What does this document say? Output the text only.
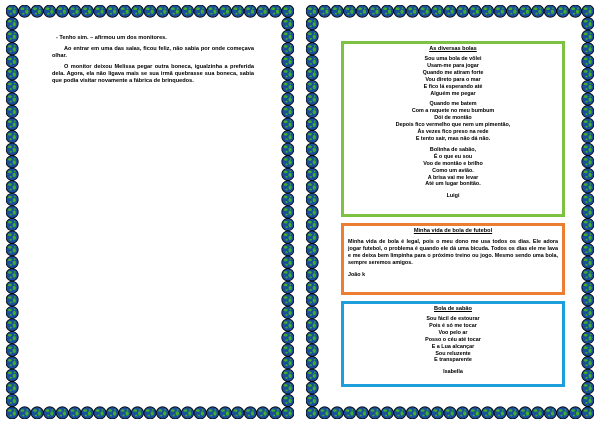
- Tenho sim. – afirmou um dos monitores.

Ao entrar em uma das salas, ficou feliz, não sabia por onde começava olhar.

O monitor deixou Melissa pegar outra boneca, igualzinha a preferida dela. Agora, ela não ligava mais se sua irmã quebrasse sua boneca, sabia que podia visitar novamente a fábrica de brinquedos.

As diversas bolas
Sou uma bola de vôlei
Usam-me para jogar
Quando me atiram forte
Vou direto para o mar
E fico lá esperando até
Alguém me pegar
Quando me batem
Com a raquete no meu bumbum
Dói de montão
Depois fico vermelho que nem um pimentão,
Às vezes fico preso na rede
E tento sair, mas não dá não.
Bolinha de sabão,
É o que eu sou
Voo de montão e brilho
Como um avião.
A brisa vai me levar
Até um lugar bonitão.
Luigi
Minha vida de bola de futebol
Minha vida de bola é legal, pois o meu dono me usa todos os dias. Ele adora jogar futebol, o problema é quando ele dá uma bicuda. Todos os dias ele me lava e me deixa bem limpinha para o próximo treino ou jogo. Mesmo sendo uma bola, sempre seremos amigos.
João k
Bola de sabão
Sou fácil de estourar
Pois é só me tocar
Voo pelo ar
Posso o céu até tocar
E a Lua alcançar
Sou reluzente
E transparente
Isabella
